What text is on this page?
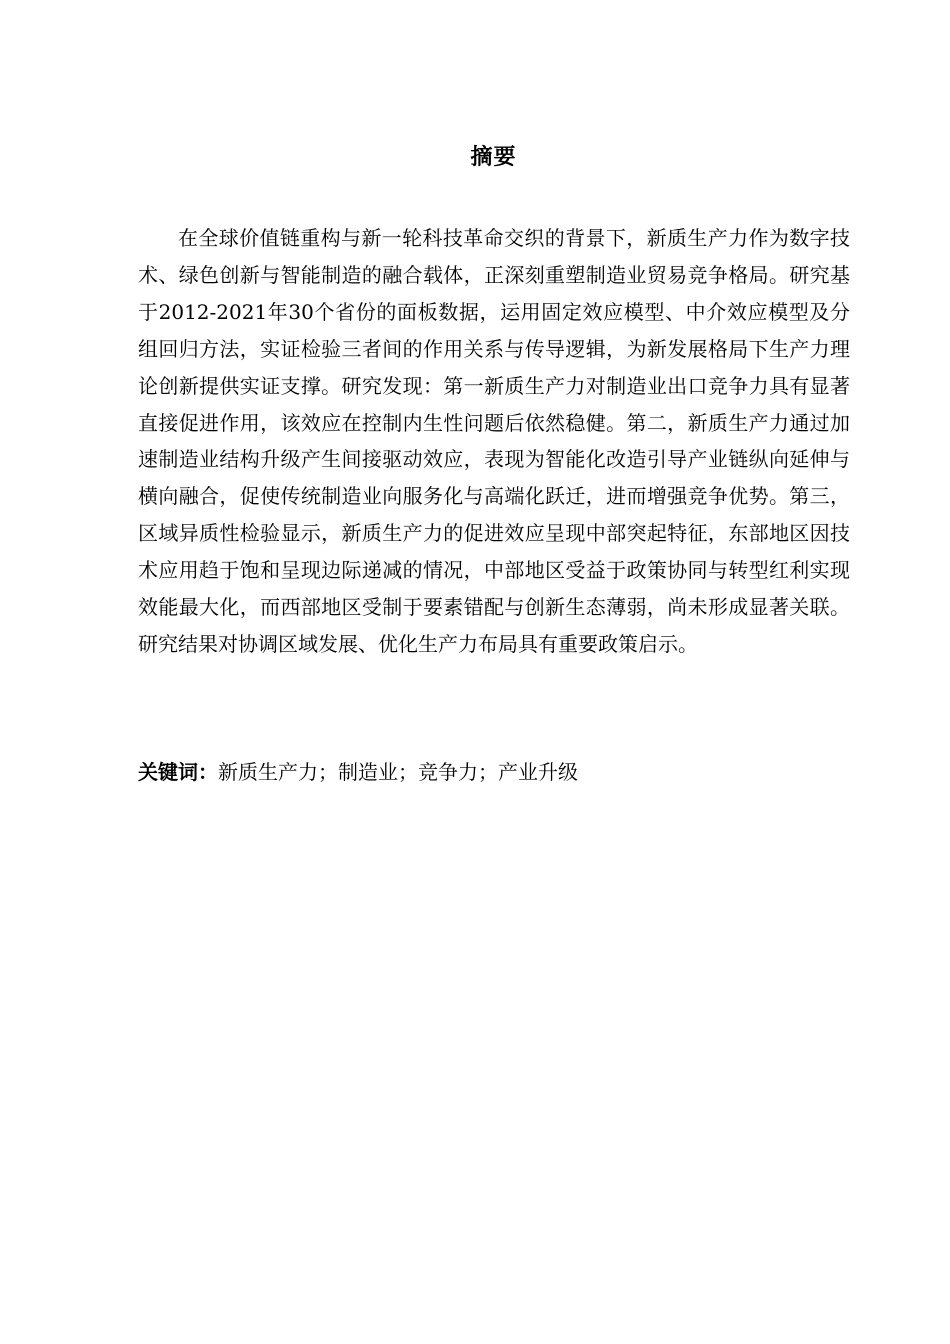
摘要

在全球价值链重构与新一轮科技革命交织的背景下，新质生产力作为数字技术、绿色创新与智能制造的融合载体，正深刻重塑制造业贸易竞争格局。研究基于2012-2021年30个省份的面板数据，运用固定效应模型、中介效应模型及分组回归方法，实证检验三者间的作用关系与传导逻辑，为新发展格局下生产力理论创新提供实证支撑。研究发现：第一新质生产力对制造业出口竞争力具有显著直接促进作用，该效应在控制内生性问题后依然稳健。第二，新质生产力通过加速制造业结构升级产生间接驱动效应，表现为智能化改造引导产业链纵向延伸与横向融合，促使传统制造业向服务化与高端化跃迁，进而增强竞争优势。第三，区域异质性检验显示，新质生产力的促进效应呈现中部突起特征，东部地区因技术应用趋于饱和呈现边际递减的情况，中部地区受益于政策协同与转型红利实现效能最大化，而西部地区受制于要素错配与创新生态薄弱，尚未形成显著关联。研究结果对协调区域发展、优化生产力布局具有重要政策启示。

关键词：新质生产力；制造业；竞争力；产业升级
